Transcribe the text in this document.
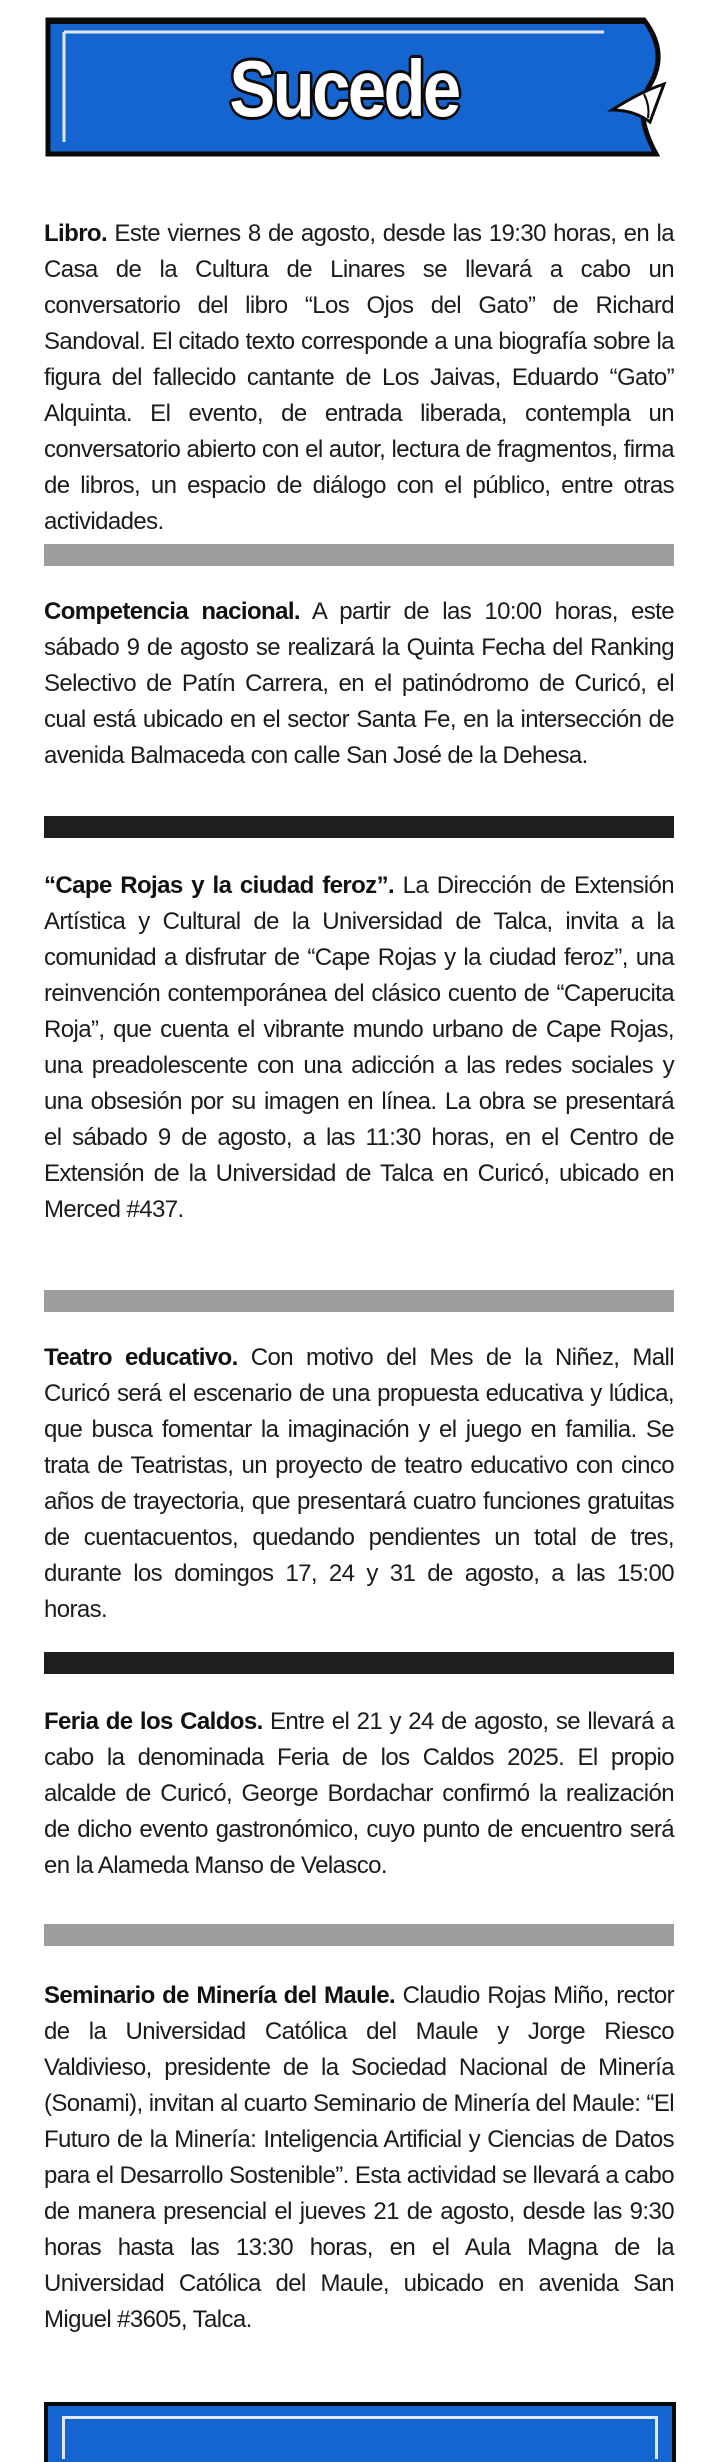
Sucede

Libro. Este viernes 8 de agosto, desde las 19:30 horas, en la Casa de la Cultura de Linares se llevará a cabo un conversatorio del libro “Los Ojos del Gato” de Richard Sandoval. El citado texto corresponde a una biografía sobre la figura del fallecido cantante de Los Jaivas, Eduardo “Gato” Alquinta. El evento, de entrada liberada, contempla un conversatorio abierto con el autor, lectura de fragmentos, firma de libros, un espacio de diálogo con el público, entre otras actividades.

Competencia nacional. A partir de las 10:00 horas, este sábado 9 de agosto se realizará la Quinta Fecha del Ranking Selectivo de Patín Carrera, en el patinódromo de Curicó, el cual está ubicado en el sector Santa Fe, en la intersección de avenida Balmaceda con calle San José de la Dehesa.

“Cape Rojas y la ciudad feroz”. La Dirección de Extensión Artística y Cultural de la Universidad de Talca, invita a la comunidad a disfrutar de “Cape Rojas y la ciudad feroz”, una reinvención contemporánea del clásico cuento de “Caperucita Roja”, que cuenta el vibrante mundo urbano de Cape Rojas, una preadolescente con una adicción a las redes sociales y una obsesión por su imagen en línea. La obra se presentará el sábado 9 de agosto, a las 11:30 horas, en el Centro de Extensión de la Universidad de Talca en Curicó, ubicado en Merced #437.

Teatro educativo. Con motivo del Mes de la Niñez, Mall Curicó será el escenario de una propuesta educativa y lúdica, que busca fomentar la imaginación y el juego en familia. Se trata de Teatristas, un proyecto de teatro educativo con cinco años de trayectoria, que presentará cuatro funciones gratuitas de cuentacuentos, quedando pendientes un total de tres, durante los domingos 17, 24 y 31 de agosto, a las 15:00 horas.

Feria de los Caldos. Entre el 21 y 24 de agosto, se llevará a cabo la denominada Feria de los Caldos 2025. El propio alcalde de Curicó, George Bordachar confirmó la realización de dicho evento gastronómico, cuyo punto de encuentro será en la Alameda Manso de Velasco.

Seminario de Minería del Maule. Claudio Rojas Miño, rector de la Universidad Católica del Maule y Jorge Riesco Valdivieso, presidente de la Sociedad Nacional de Minería (Sonami), invitan al cuarto Seminario de Minería del Maule: “El Futuro de la Minería: Inteligencia Artificial y Ciencias de Datos para el Desarrollo Sostenible”. Esta actividad se llevará a cabo de manera presencial el jueves 21 de agosto, desde las 9:30 horas hasta las 13:30 horas, en el Aula Magna de la Universidad Católica del Maule, ubicado en avenida San Miguel #3605, Talca.
